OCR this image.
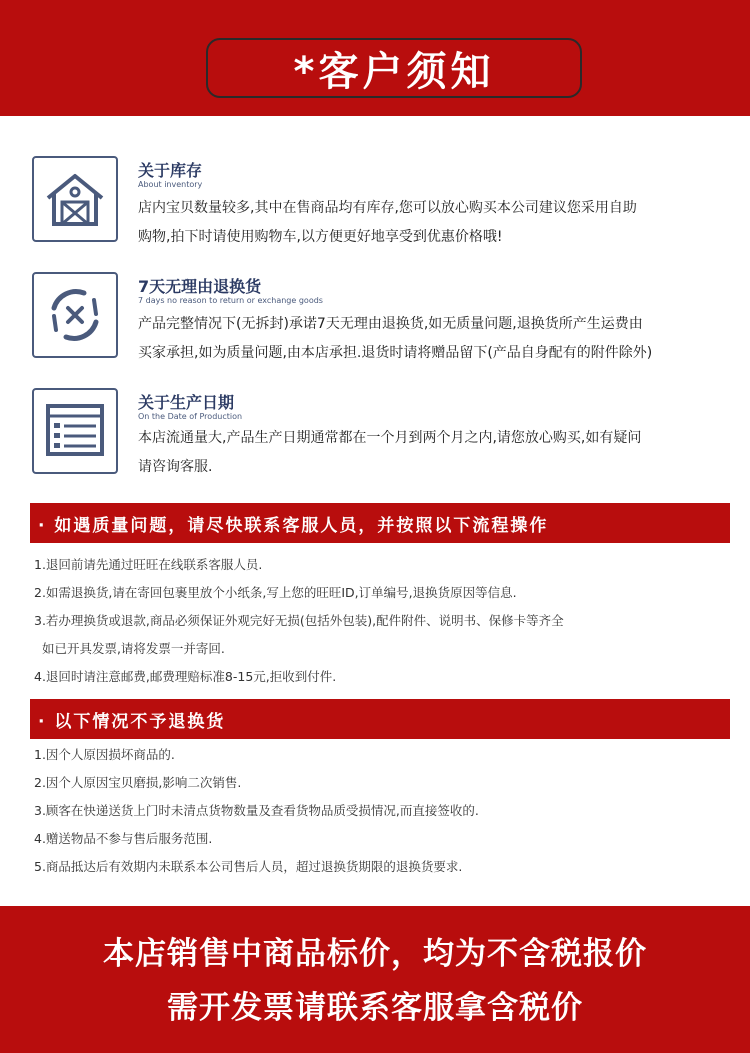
*客户须知
关于库存
About inventory
店内宝贝数量较多,其中在售商品均有库存,您可以放心购买本公司建议您采用自助
购物,拍下时请使用购物车,以方便更好地享受到优惠价格哦!
7天无理由退换货
7 days no reason to return or exchange goods
产品完整情况下(无拆封)承诺7天无理由退换货,如无质量问题,退换货所产生运费由
买家承担,如为质量问题,由本店承担.退货时请将赠品留下(产品自身配有的附件除外)
关于生产日期
On the Date of Production
本店流通量大,产品生产日期通常都在一个月到两个月之内,请您放心购买,如有疑问
请咨询客服.
· 如遇质量问题，请尽快联系客服人员，并按照以下流程操作
1.退回前请先通过旺旺在线联系客服人员.
2.如需退换货,请在寄回包裹里放个小纸条,写上您的旺旺ID,订单编号,退换货原因等信息.
3.若办理换货或退款,商品必须保证外观完好无损(包括外包装),配件附件、说明书、保修卡等齐全
如已开具发票,请将发票一并寄回.
4.退回时请注意邮费,邮费理赔标准8-15元,拒收到付件.
· 以下情况不予退换货
1.因个人原因损坏商品的.
2.因个人原因宝贝磨损,影响二次销售.
3.顾客在快递送货上门时未清点货物数量及查看货物品质受损情况,而直接签收的.
4.赠送物品不参与售后服务范围.
5.商品抵达后有效期内未联系本公司售后人员，超过退换货期限的退换货要求.
本店销售中商品标价，均为不含税报价
需开发票请联系客服拿含税价
